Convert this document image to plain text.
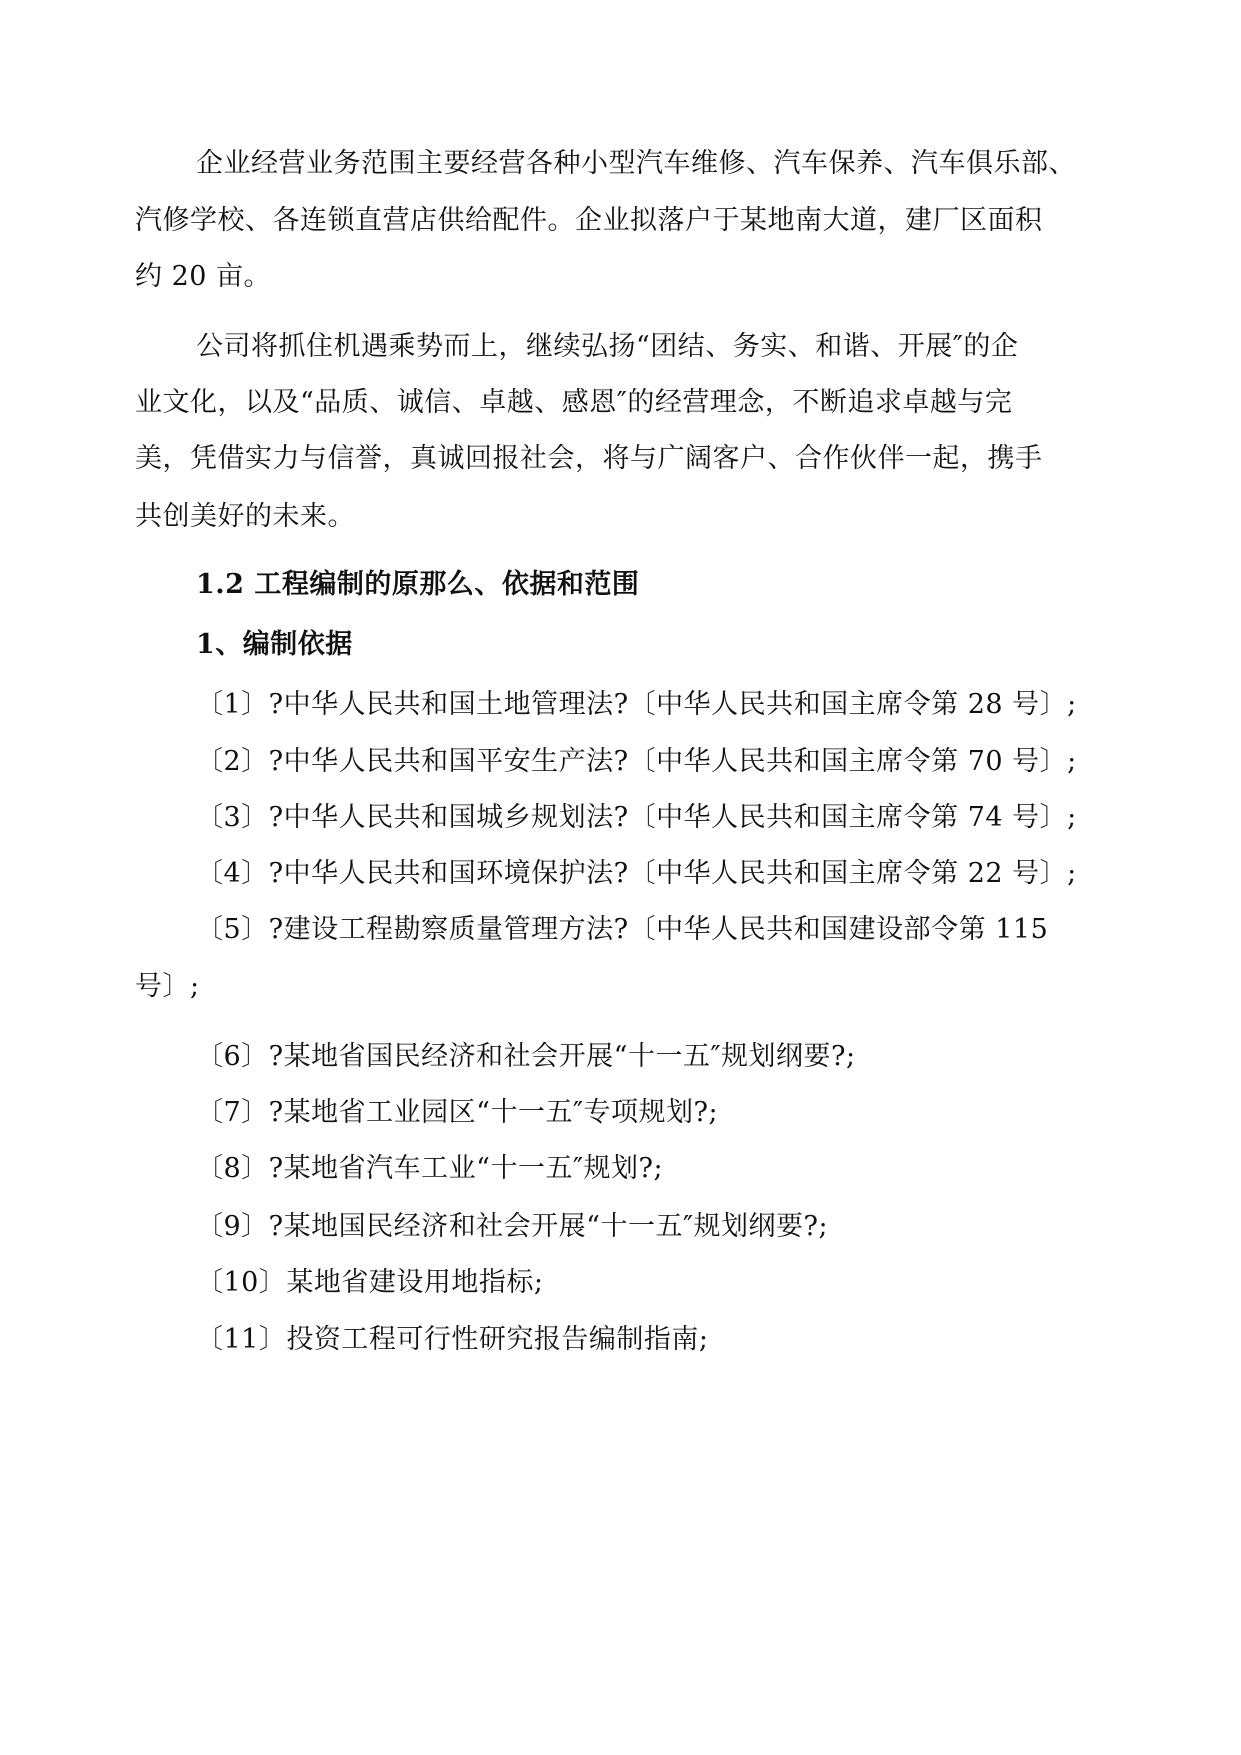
企业经营业务范围主要经营各种小型汽车维修、汽车保养、汽车俱乐部、
汽修学校、各连锁直营店供给配件。企业拟落户于某地南大道，建厂区面积
约 20 亩。
公司将抓住机遇乘势而上，继续弘扬“团结、务实、和谐、开展″的企
业文化，以及“品质、诚信、卓越、感恩″的经营理念，不断追求卓越与完
美，凭借实力与信誉，真诚回报社会，将与广阔客户、合作伙伴一起，携手
共创美好的未来。
1.2 工程编制的原那么、依据和范围
1、编制依据
〔1〕?中华人民共和国土地管理法?〔中华人民共和国主席令第 28 号〕;
〔2〕?中华人民共和国平安生产法?〔中华人民共和国主席令第 70 号〕;
〔3〕?中华人民共和国城乡规划法?〔中华人民共和国主席令第 74 号〕;
〔4〕?中华人民共和国环境保护法?〔中华人民共和国主席令第 22 号〕;
〔5〕?建设工程勘察质量管理方法?〔中华人民共和国建设部令第 115
号〕;
〔6〕?某地省国民经济和社会开展“十一五″规划纲要?;
〔7〕?某地省工业园区“十一五″专项规划?;
〔8〕?某地省汽车工业“十一五″规划?;
〔9〕?某地国民经济和社会开展“十一五″规划纲要?;
〔10〕某地省建设用地指标;
〔11〕投资工程可行性研究报告编制指南;
